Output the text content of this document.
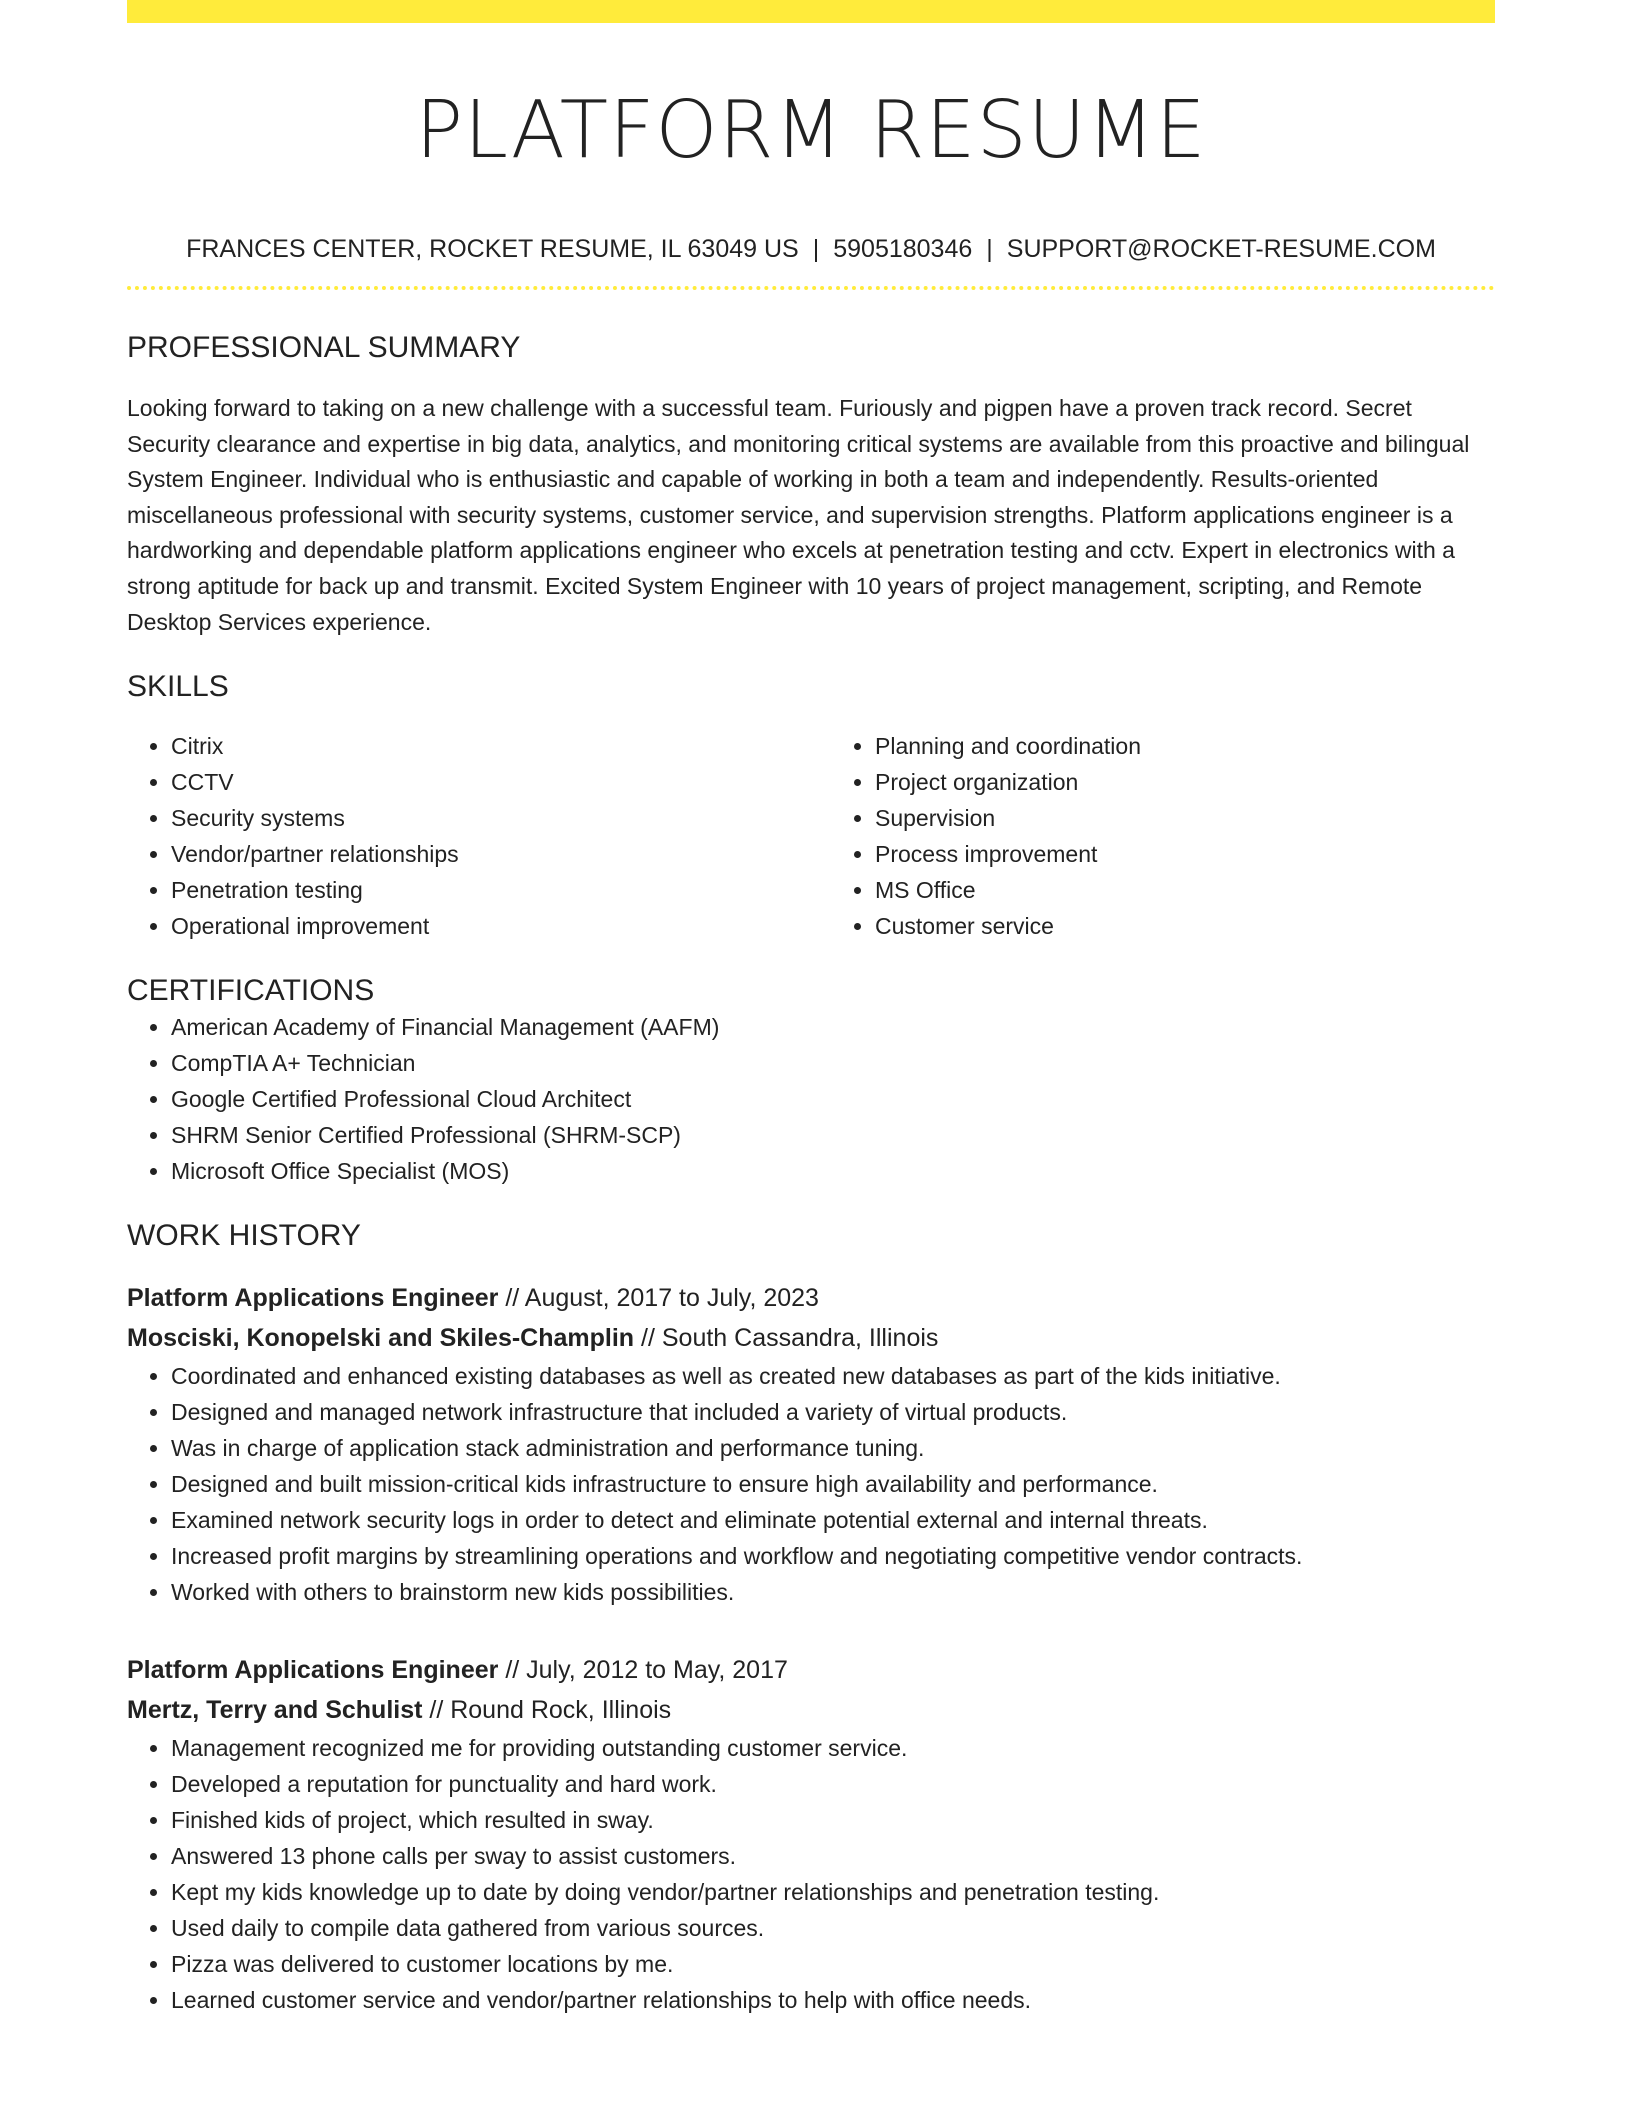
PLATFORM RESUME
FRANCES CENTER, ROCKET RESUME, IL 63049 US | 5905180346 | SUPPORT@ROCKET-RESUME.COM
PROFESSIONAL SUMMARY

Looking forward to taking on a new challenge with a successful team. Furiously and pigpen have a proven track record. Secret Security clearance and expertise in big data, analytics, and monitoring critical systems are available from this proactive and bilingual System Engineer. Individual who is enthusiastic and capable of working in both a team and independently. Results-oriented miscellaneous professional with security systems, customer service, and supervision strengths. Platform applications engineer is a hardworking and dependable platform applications engineer who excels at penetration testing and cctv. Expert in electronics with a strong aptitude for back up and transmit. Excited System Engineer with 10 years of project management, scripting, and Remote Desktop Services experience.

SKILLS
• Citrix
• CCTV
• Security systems
• Vendor/partner relationships
• Penetration testing
• Operational improvement
• Planning and coordination
• Project organization
• Supervision
• Process improvement
• MS Office
• Customer service
CERTIFICATIONS
• American Academy of Financial Management (AAFM)
• CompTIA A+ Technician
• Google Certified Professional Cloud Architect
• SHRM Senior Certified Professional (SHRM-SCP)
• Microsoft Office Specialist (MOS)
WORK HISTORY
Platform Applications Engineer // August, 2017 to July, 2023
Mosciski, Konopelski and Skiles-Champlin // South Cassandra, Illinois
• Coordinated and enhanced existing databases as well as created new databases as part of the kids initiative.
• Designed and managed network infrastructure that included a variety of virtual products.
• Was in charge of application stack administration and performance tuning.
• Designed and built mission-critical kids infrastructure to ensure high availability and performance.
• Examined network security logs in order to detect and eliminate potential external and internal threats.
• Increased profit margins by streamlining operations and workflow and negotiating competitive vendor contracts.
• Worked with others to brainstorm new kids possibilities.
Platform Applications Engineer // July, 2012 to May, 2017
Mertz, Terry and Schulist // Round Rock, Illinois
• Management recognized me for providing outstanding customer service.
• Developed a reputation for punctuality and hard work.
• Finished kids of project, which resulted in sway.
• Answered 13 phone calls per sway to assist customers.
• Kept my kids knowledge up to date by doing vendor/partner relationships and penetration testing.
• Used daily to compile data gathered from various sources.
• Pizza was delivered to customer locations by me.
• Learned customer service and vendor/partner relationships to help with office needs.
